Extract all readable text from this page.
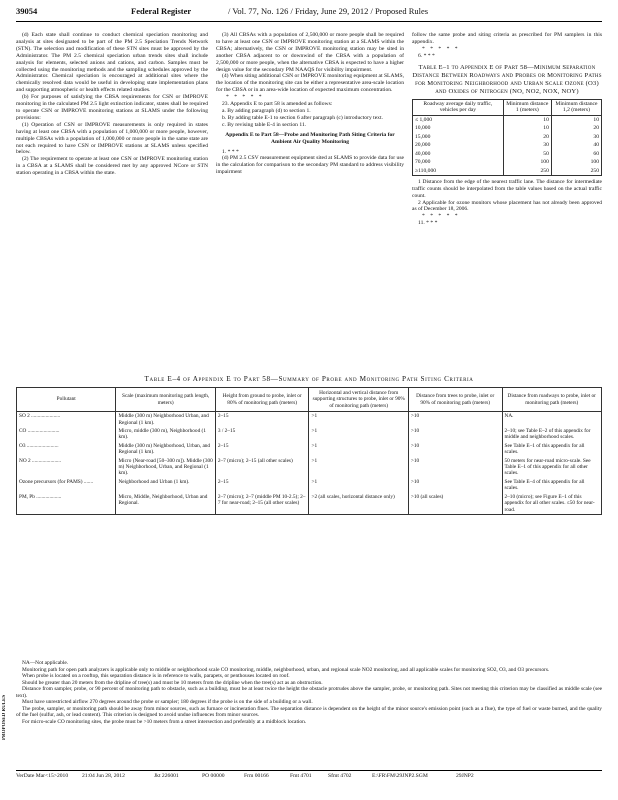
39054	Federal Register	/ Vol. 77, No. 126 / Friday, June 29, 2012 / Proposed Rules

(d) Each state shall continue to conduct chemical speciation monitoring and analysis at sites designated to be part of the PM 2.5 Speciation Trends Network (STN). The selection and modification of these STN sites must be approved by the Administrator. The PM 2.5 chemical speciation urban trends sites shall include analysis for elements, selected anions and cations, and carbon. Samples must be collected using the monitoring methods and the sampling schedules approved by the Administrator. Chemical speciation is encouraged at additional sites where the chemically resolved data would be useful in developing state implementation plans and supporting atmospheric or health effects related studies.

(b) For purposes of satisfying the CBSA requirements for CSN or IMPROVE monitoring in the calculated PM 2.5 light extinction indicator, states shall be required to operate CSN or IMPROVE monitoring stations at SLAMS under the following provisions:

(1) Operation of CSN or IMPROVE measurements is only required in states having at least one CBSA with a population of 1,000,000 or more people, however, multiple CBSAs with a population of 1,000,000 or more people in the same state are not each required to have CSN or IMPROVE stations at SLAMS unless specified below.

(2) The requirement to operate at least one CSN or IMPROVE monitoring station in a CBSA at a SLAMS shall be considered met by any approved NCore or STN station operating in a CBSA within the state.

(3) All CBSAs with a population of 2,500,000 or more people shall be required to have at least one CSN or IMPROVE monitoring station at a SLAMS within the CBSA; alternatively, the CSN or IMPROVE monitoring station may be sited in another CBSA adjacent to or downwind of the CBSA with a population of 2,500,000 or more people, when the alternative CBSA is expected to have a higher design value for the secondary PM NAAQS for visibility impairment.

(4) When siting additional CSN or IMPROVE monitoring equipment at SLAMS, the location of the monitoring site can be either a representative area-scale location for the CBSA or in an area-wide location of expected maximum concentration.

* * * * *

23. Appendix E to part 58 is amended as follows:

a. By adding paragraph (d) to section 1.

b. By adding table E-1 to section 6 after paragraph (c) introductory text.

c. By revising table E-4 in section 11.

Appendix E to Part 58—Probe and Monitoring Path Siting Criteria for Ambient Air Quality Monitoring

1. * * *

(d) PM 2.5 CSV measurement equipment sited at SLAMS to provide data for use in the calculation for comparison to the secondary PM standard to address visibility impairment

follow the same probe and siting criteria as prescribed for PM samplers in this appendix.

* * * * *

6. * * *

Table E–1 to Appendix E of Part 58—Minimum Separation Distance Between Roadways and Probes or Monitoring Paths for Monitoring Neighborhood and Urban Scale Ozone (O3) and Oxides of Nitrogen (NO, NO2, NOX, NOY)
Roadway average daily traffic, vehicles per day	Minimum distance 1 (meters)	Minimum distance 1,2 (meters)
≤ 1,000	10	10
10,000	10	20
15,000	20	30
20,000	30	40
40,000	50	60
70,000	100	100
≥110,000	250	250

1 Distance from the edge of the nearest traffic lane. The distance for intermediate traffic counts should be interpolated from the table values based on the actual traffic count.

2 Applicable for ozone monitors whose placement has not already been approved as of December 18, 2006.

* * * * *

11. * * *

Table E–4 of Appendix E to Part 58—Summary of Probe and Monitoring Path Siting Criteria
Pollutant	Scale (maximum monitoring path length, meters)	Height from ground to probe, inlet or 80% of monitoring path (meters)	Horizontal and vertical distance from supporting structures to probe, inlet or 90% of monitoring path (meters)	Distance from trees to probe, inlet or 90% of monitoring path (meters)	Distance from roadways to probe, inlet or monitoring path (meters)
SO 2 ......................	Middle (300 m) Neighborhood Urban, and Regional (1 km).	2–15	>1	>10	NA.
CO ........................	Micro, middle (300 m), Neighborhood (1 km).	3 / 2–15	>1	>10	2–10; see Table E–2 of this appendix for middle and neighborhood scales.
O3 ........................	Middle (300 m) Neighborhood, Urban, and Regional (1 km).	2–15	>1	>10	See Table E–1 of this appendix for all scales.
NO 2 ......................	Micro (Near-road [50–300 m]). Middle (300 m) Neighborhood, Urban, and Regional (1 km).	2–7 (micro); 2–15 (all other scales)	>1	>10	50 meters for near-road micro-scale. See Table E–1 of this appendix for all other scales.
Ozone precursors (for PAMS) .......	Neighborhood and Urban (1 km).	2–15	>1	>10	See Table E–4 of this appendix for all scales.
PM, Pb ...................	Micro, Middle, Neighborhood, Urban and Regional.	2–7 (micro); 2–7 (middle PM 10-2.5); 2–7 for near-road; 2–15 (all other scales)	>2 (all scales, horizontal distance only)	>10 (all scales)	2–10 (micro); see Figure E–1 of this appendix for all other scales. ≤50 for near-road.

NA—Not applicable.

Monitoring path for open path analyzers is applicable only to middle or neighborhood scale CO monitoring, middle, neighborhood, urban, and regional scale NO2 monitoring, and all applicable scales for monitoring SO2, O3, and O3 precursors.

When probe is located on a rooftop, this separation distance is in reference to walls, parapets, or penthouses located on roof.

Should be greater than 20 meters from the dripline of tree(s) and must be 10 meters from the dripline when the tree(s) act as an obstruction.

Distance from sampler, probe, or 90 percent of monitoring path to obstacle, such as a building, must be at least twice the height the obstacle protrudes above the sampler, probe, or monitoring path. Sites not meeting this criterion may be classified as middle scale (see text).

Must have unrestricted airflow 270 degrees around the probe or sampler; 180 degrees if the probe is on the side of a building or a wall.

The probe, sampler, or monitoring path should be away from minor sources, such as furnace or incineration flues. The separation distance is dependent on the height of the minor source's emission point (such as a flue), the type of fuel or waste burned, and the quality of the fuel (sulfur, ash, or lead content). This criterion is designed to avoid undue influences from minor sources.

For micro-scale CO monitoring sites, the probe must be >10 meters from a street intersection and preferably at a midblock location.

PROPOSED RULES
VerDate Mar<15>2010 21:04 Jun 28, 2012	Jkt 226001	PO 00000	Frm 00166	Fmt 4701	Sfmt 4702	E:\FR\FM\29JNP2.SGM	29JNP2
